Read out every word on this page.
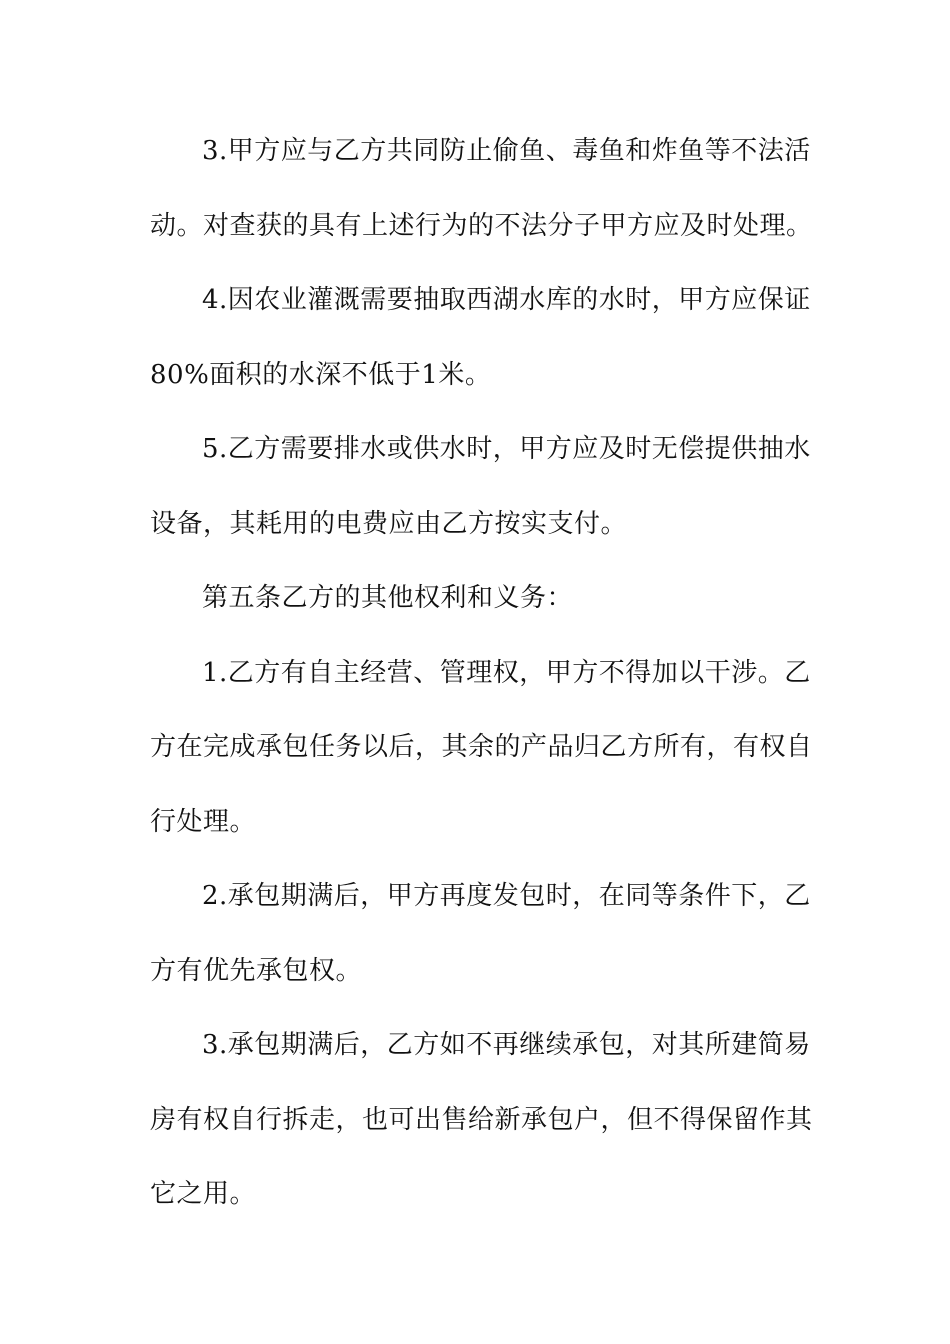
3.甲方应与乙方共同防止偷鱼、毒鱼和炸鱼等不法活
动。对查获的具有上述行为的不法分子甲方应及时处理。
4.因农业灌溉需要抽取西湖水库的水时，甲方应保证
80%面积的水深不低于1米。
5.乙方需要排水或供水时，甲方应及时无偿提供抽水
设备，其耗用的电费应由乙方按实支付。
第五条乙方的其他权利和义务：
1.乙方有自主经营、管理权，甲方不得加以干涉。乙
方在完成承包任务以后，其余的产品归乙方所有，有权自
行处理。
2.承包期满后，甲方再度发包时，在同等条件下，乙
方有优先承包权。
3.承包期满后，乙方如不再继续承包，对其所建简易
房有权自行拆走，也可出售给新承包户，但不得保留作其
它之用。
